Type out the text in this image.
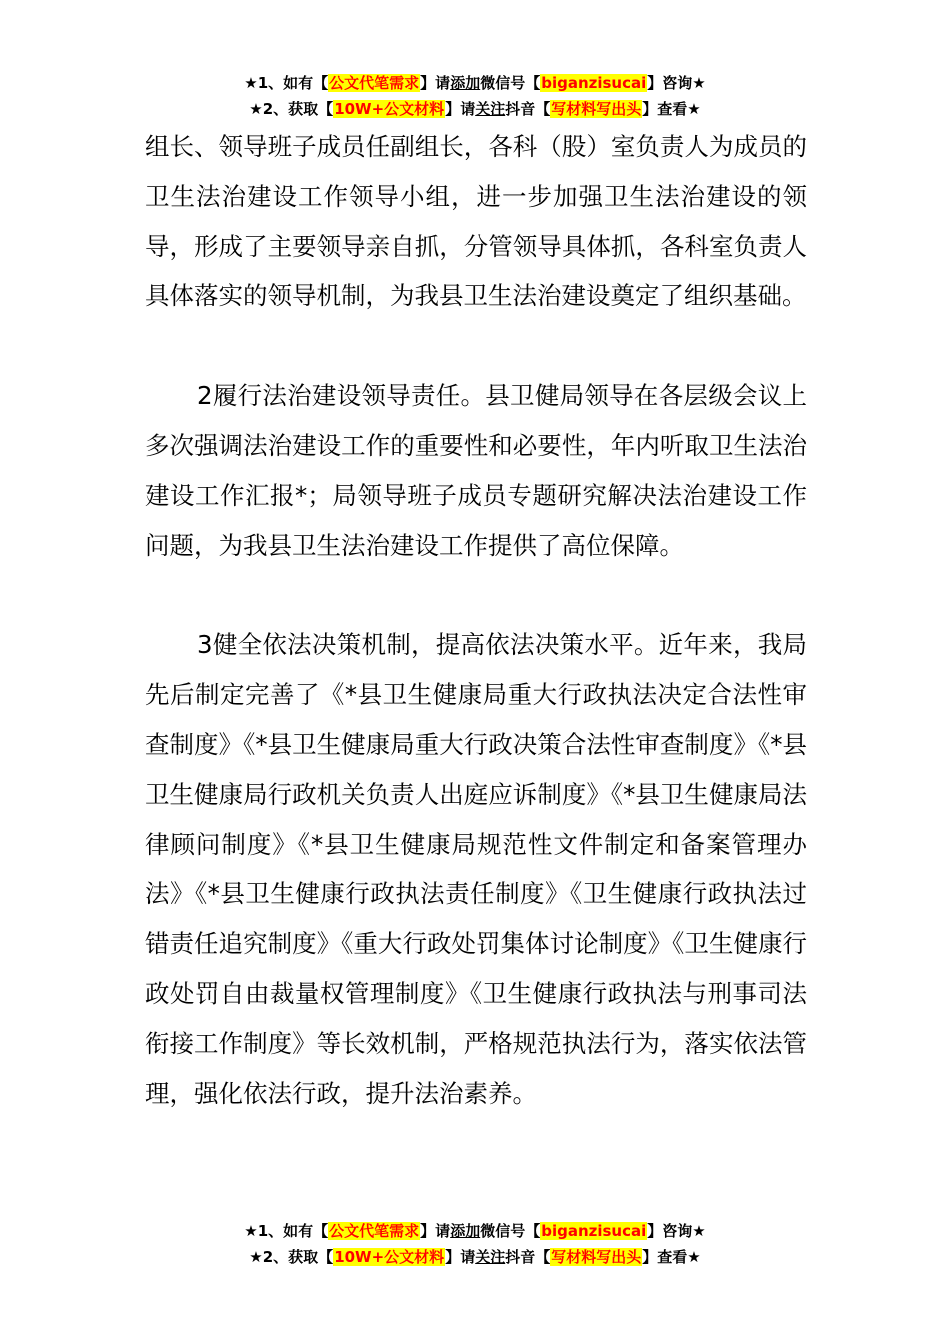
★1、如有【公文代笔需求】请添加微信号【biganzisucai】咨询★
★2、获取【10W+公文材料】请关注抖音【写材料写出头】查看★

组长、领导班子成员任副组长，各科（股）室负责人为成员的卫生法治建设工作领导小组，进一步加强卫生法治建设的领导，形成了主要领导亲自抓，分管领导具体抓，各科室负责人具体落实的领导机制，为我县卫生法治建设奠定了组织基础。

2履行法治建设领导责任。县卫健局领导在各层级会议上多次强调法治建设工作的重要性和必要性，年内听取卫生法治建设工作汇报*；局领导班子成员专题研究解决法治建设工作问题，为我县卫生法治建设工作提供了高位保障。

3健全依法决策机制，提高依法决策水平。近年来，我局先后制定完善了《*县卫生健康局重大行政执法决定合法性审查制度》《*县卫生健康局重大行政决策合法性审查制度》《*县卫生健康局行政机关负责人出庭应诉制度》《*县卫生健康局法律顾问制度》《*县卫生健康局规范性文件制定和备案管理办法》《*县卫生健康行政执法责任制度》《卫生健康行政执法过错责任追究制度》《重大行政处罚集体讨论制度》《卫生健康行政处罚自由裁量权管理制度》《卫生健康行政执法与刑事司法衔接工作制度》等长效机制，严格规范执法行为，落实依法管理，强化依法行政，提升法治素养。

★1、如有【公文代笔需求】请添加微信号【biganzisucai】咨询★
★2、获取【10W+公文材料】请关注抖音【写材料写出头】查看★
